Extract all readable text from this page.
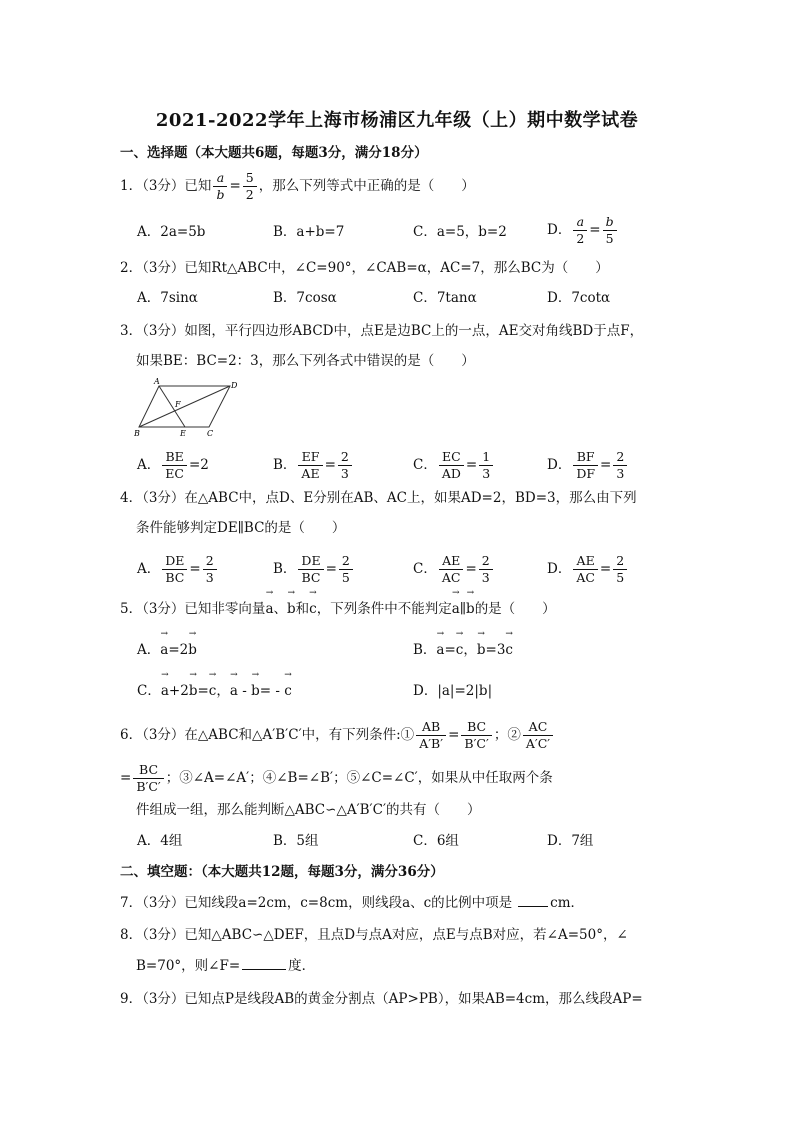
2021-2022学年上海市杨浦区九年级（上）期中数学试卷
一、选择题（本大题共6题，每题3分，满分18分）
1．（3分）已知 $\frac{a}{b} = \frac{5}{2}$ ，那么下列等式中正确的是（　　）
A．2a=5b	B．a+b=7	C．a=5，b=2	D． $\frac{a}{2} = \frac{b}{5}$
2．（3分）已知Rt△ABC中，∠C=90°，∠CAB=α，AC=7，那么BC为（　　）
A．7sinα	B．7cosα	C．7tanα	D．7cotα
3．（3分）如图，平行四边形ABCD中，点E是边BC上的一点，AE交对角线BD于点F，
如果BE：BC=2：3，那么下列各式中错误的是（　　）
A	D
B	C
E
F
A． $\frac{BE}{EC} =2$	B． $\frac{EF}{AE} = \frac{2}{3}$	C． $\frac{EC}{AD} = \frac{1}{3}$	D． $\frac{BF}{DF} = \frac{2}{3}$
4．（3分）在△ABC中，点D、E分别在AB、AC上，如果AD=2，BD=3，那么由下列
条件能够判定DE∥BC的是（　　）
A． $\frac{DE}{BC} = \frac{2}{3}$	B． $\frac{DE}{BC} = \frac{2}{5}$	C． $\frac{AE}{AC} = \frac{2}{3}$	D． $\frac{AE}{AC} = \frac{2}{5}$
5．（3分）已知非零向量→ a、→ b和→ c，下列条件中不能判定→ a∥→ b的是（　　）
A．→ a=2→ b	B．→ a=→ c，→ b=3→ c
C．→ a+2→ b=→ c，→ a - → b= - → c	D．|a|=2|b|
6．（3分）在△ABC和△A′B′C′中，有下列条件:① $\frac{AB}{A'B'} = \frac{BC}{B'C'}$ ；② $\frac{AC}{A'C'}$
= $\frac{BC}{B'C'}$ ；③∠A=∠A′；④∠B=∠B′；⑤∠C=∠C′，如果从中任取两个条
件组成一组，那么能判断△ABC∽△A′B′C′的共有（　　）
A．4组	B．5组	C．6组	D．7组
二、填空题：（本大题共12题，每题3分，满分36分）
7．（3分）已知线段a=2cm，c=8cm，则线段a、c的比例中项是	cm．
8．（3分）已知△ABC∽△DEF，且点D与点A对应，点E与点B对应，若∠A=50°，∠
B=70°，则∠F=	度．
9．（3分）已知点P是线段AB的黄金分割点（AP>PB），如果AB=4cm，那么线段AP=
